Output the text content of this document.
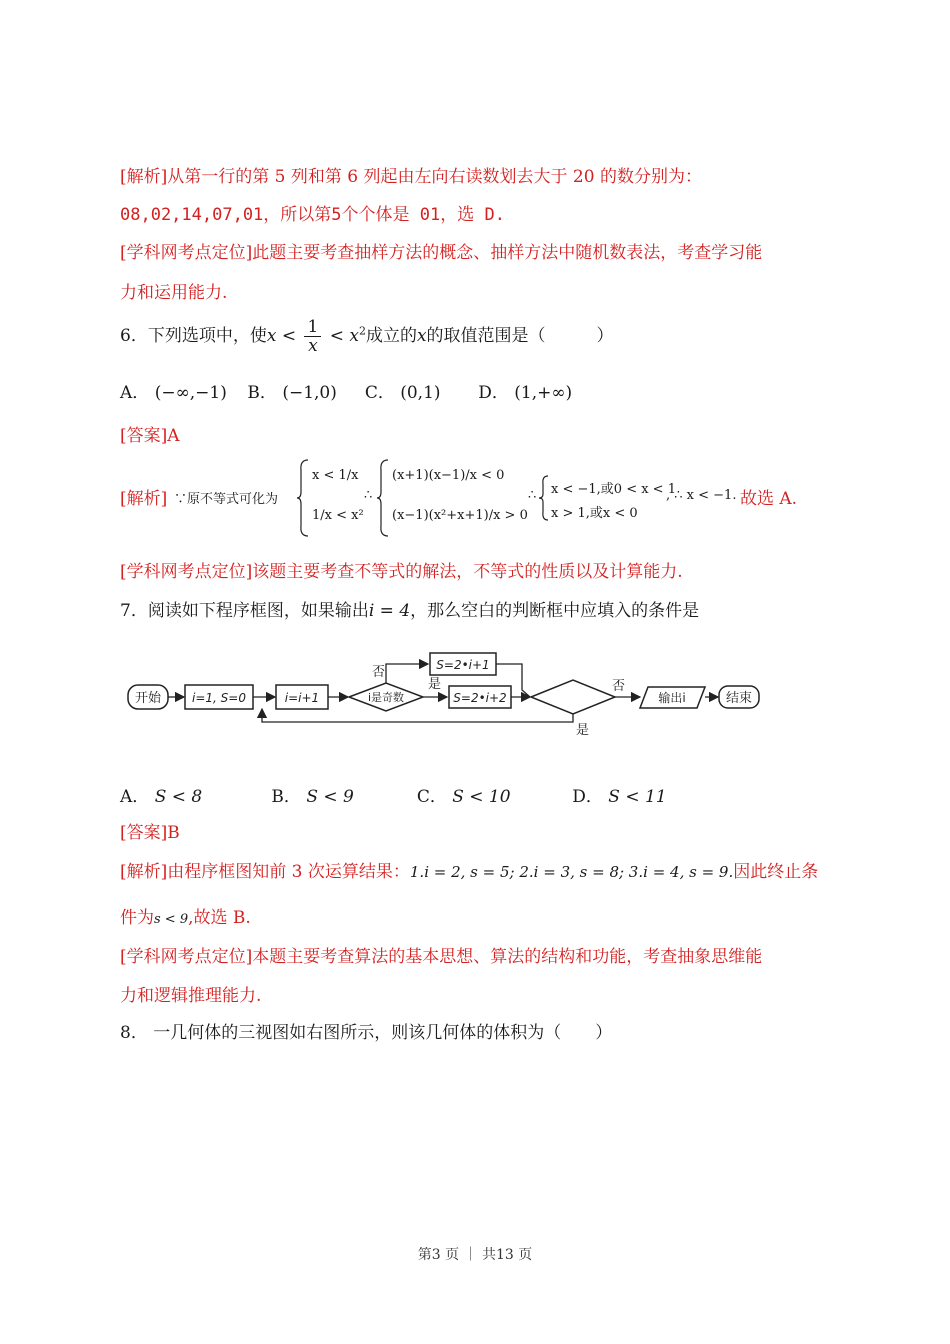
[解析]从第一行的第 5 列和第 6 列起由左向右读数划去大于 20 的数分别为：
08,02,14,07,01，所以第5个个体是 01，选 D.
[学科网考点定位]此题主要考查抽样方法的概念、抽样方法中随机数表法，考查学习能
力和运用能力.
6．下列选项中，使$x < \frac{1}{x} < x^2$成立的x的取值范围是（　　　）
A． (−∞,−1) B． (−1,0) C． (0,1) D． (1,+∞)
[答案]A
[解析] ∵原不等式可化为
x < 1/x
1/x < x²
∴
(x+1)(x−1)/x < 0
(x−1)(x²+x+1)/x > 0
∴ x < −1,或0 < x < 1
x > 1,或x < 0
, ∴ x < −1. 故选 A.
[学科网考点定位]该题主要考查不等式的解法，不等式的性质以及计算能力.
7．阅读如下程序框图，如果输出i = 4，那么空白的判断框中应填入的条件是
开始	i=1, S=0	i=i+1	i是奇数
否	S=2•i+1
是
S=2•i+2
是
否
输出i	结束
A． S < 8	B． S < 9	C． S < 10	D． S < 11
[答案]B
[解析]由程序框图知前 3 次运算结果：1.i = 2, s = 5; 2.i = 3, s = 8; 3.i = 4, s = 9.因此终止条
件为s < 9,故选 B.
[学科网考点定位]本题主要考查算法的基本思想、算法的结构和功能，考查抽象思维能
力和逻辑推理能力.
8． 一几何体的三视图如右图所示，则该几何体的体积为（　　）
第3 页 ｜ 共13 页
